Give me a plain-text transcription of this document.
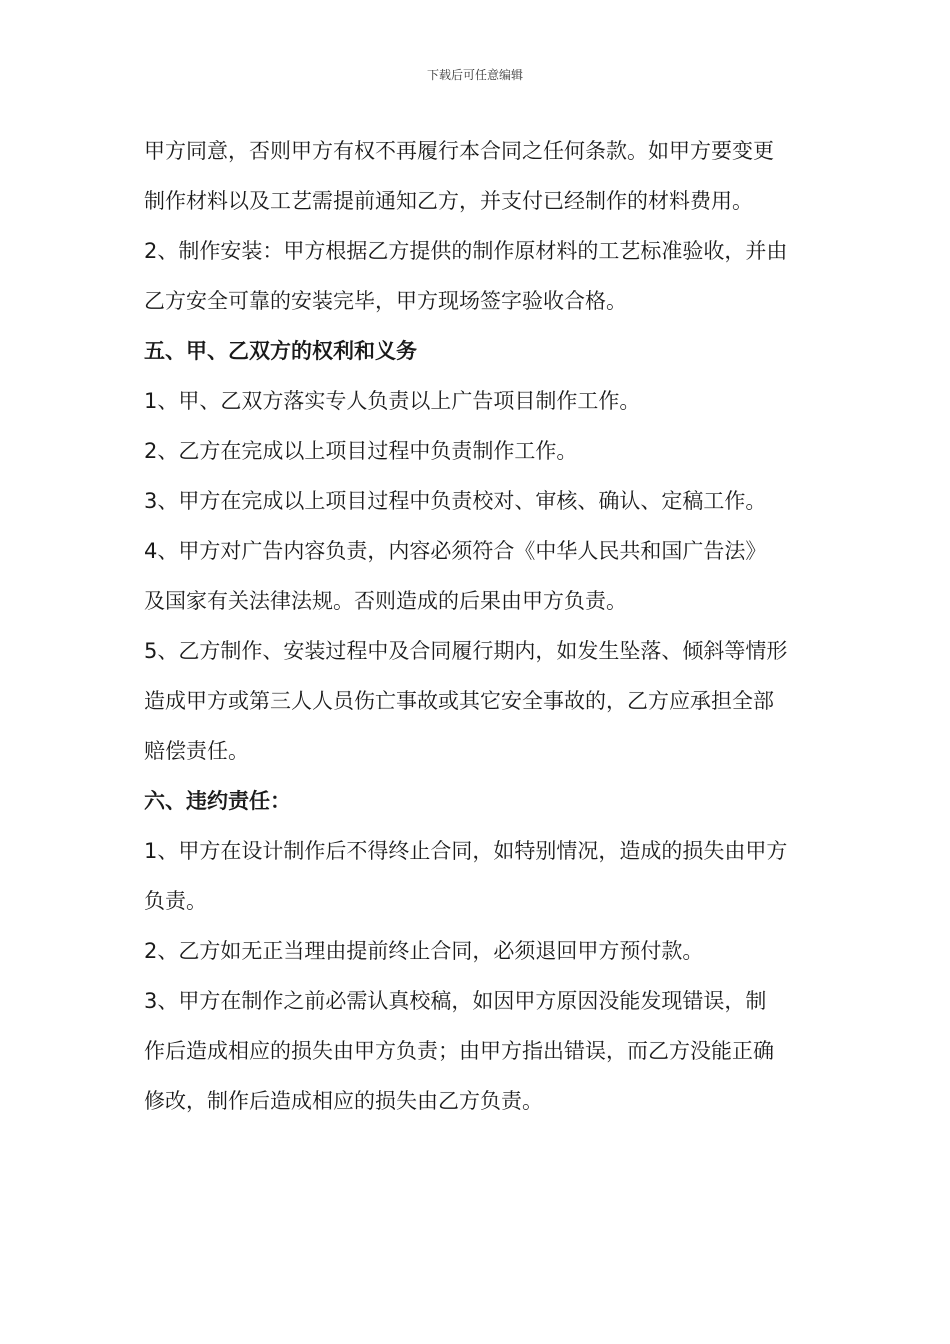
下载后可任意编辑
甲方同意，否则甲方有权不再履行本合同之任何条款。如甲方要变更
制作材料以及工艺需提前通知乙方，并支付已经制作的材料费用。
2、制作安装：甲方根据乙方提供的制作原材料的工艺标准验收，并由
乙方安全可靠的安装完毕，甲方现场签字验收合格。
五、甲、乙双方的权利和义务
1、甲、乙双方落实专人负责以上广告项目制作工作。
2、乙方在完成以上项目过程中负责制作工作。
3、甲方在完成以上项目过程中负责校对、审核、确认、定稿工作。
4、甲方对广告内容负责，内容必须符合《中华人民共和国广告法》
及国家有关法律法规。否则造成的后果由甲方负责。
5、乙方制作、安装过程中及合同履行期内，如发生坠落、倾斜等情形
造成甲方或第三人人员伤亡事故或其它安全事故的，乙方应承担全部
赔偿责任。
六、违约责任：
1、甲方在设计制作后不得终止合同，如特别情况，造成的损失由甲方
负责。
2、乙方如无正当理由提前终止合同，必须退回甲方预付款。
3、甲方在制作之前必需认真校稿，如因甲方原因没能发现错误，制
作后造成相应的损失由甲方负责；由甲方指出错误，而乙方没能正确
修改，制作后造成相应的损失由乙方负责。
